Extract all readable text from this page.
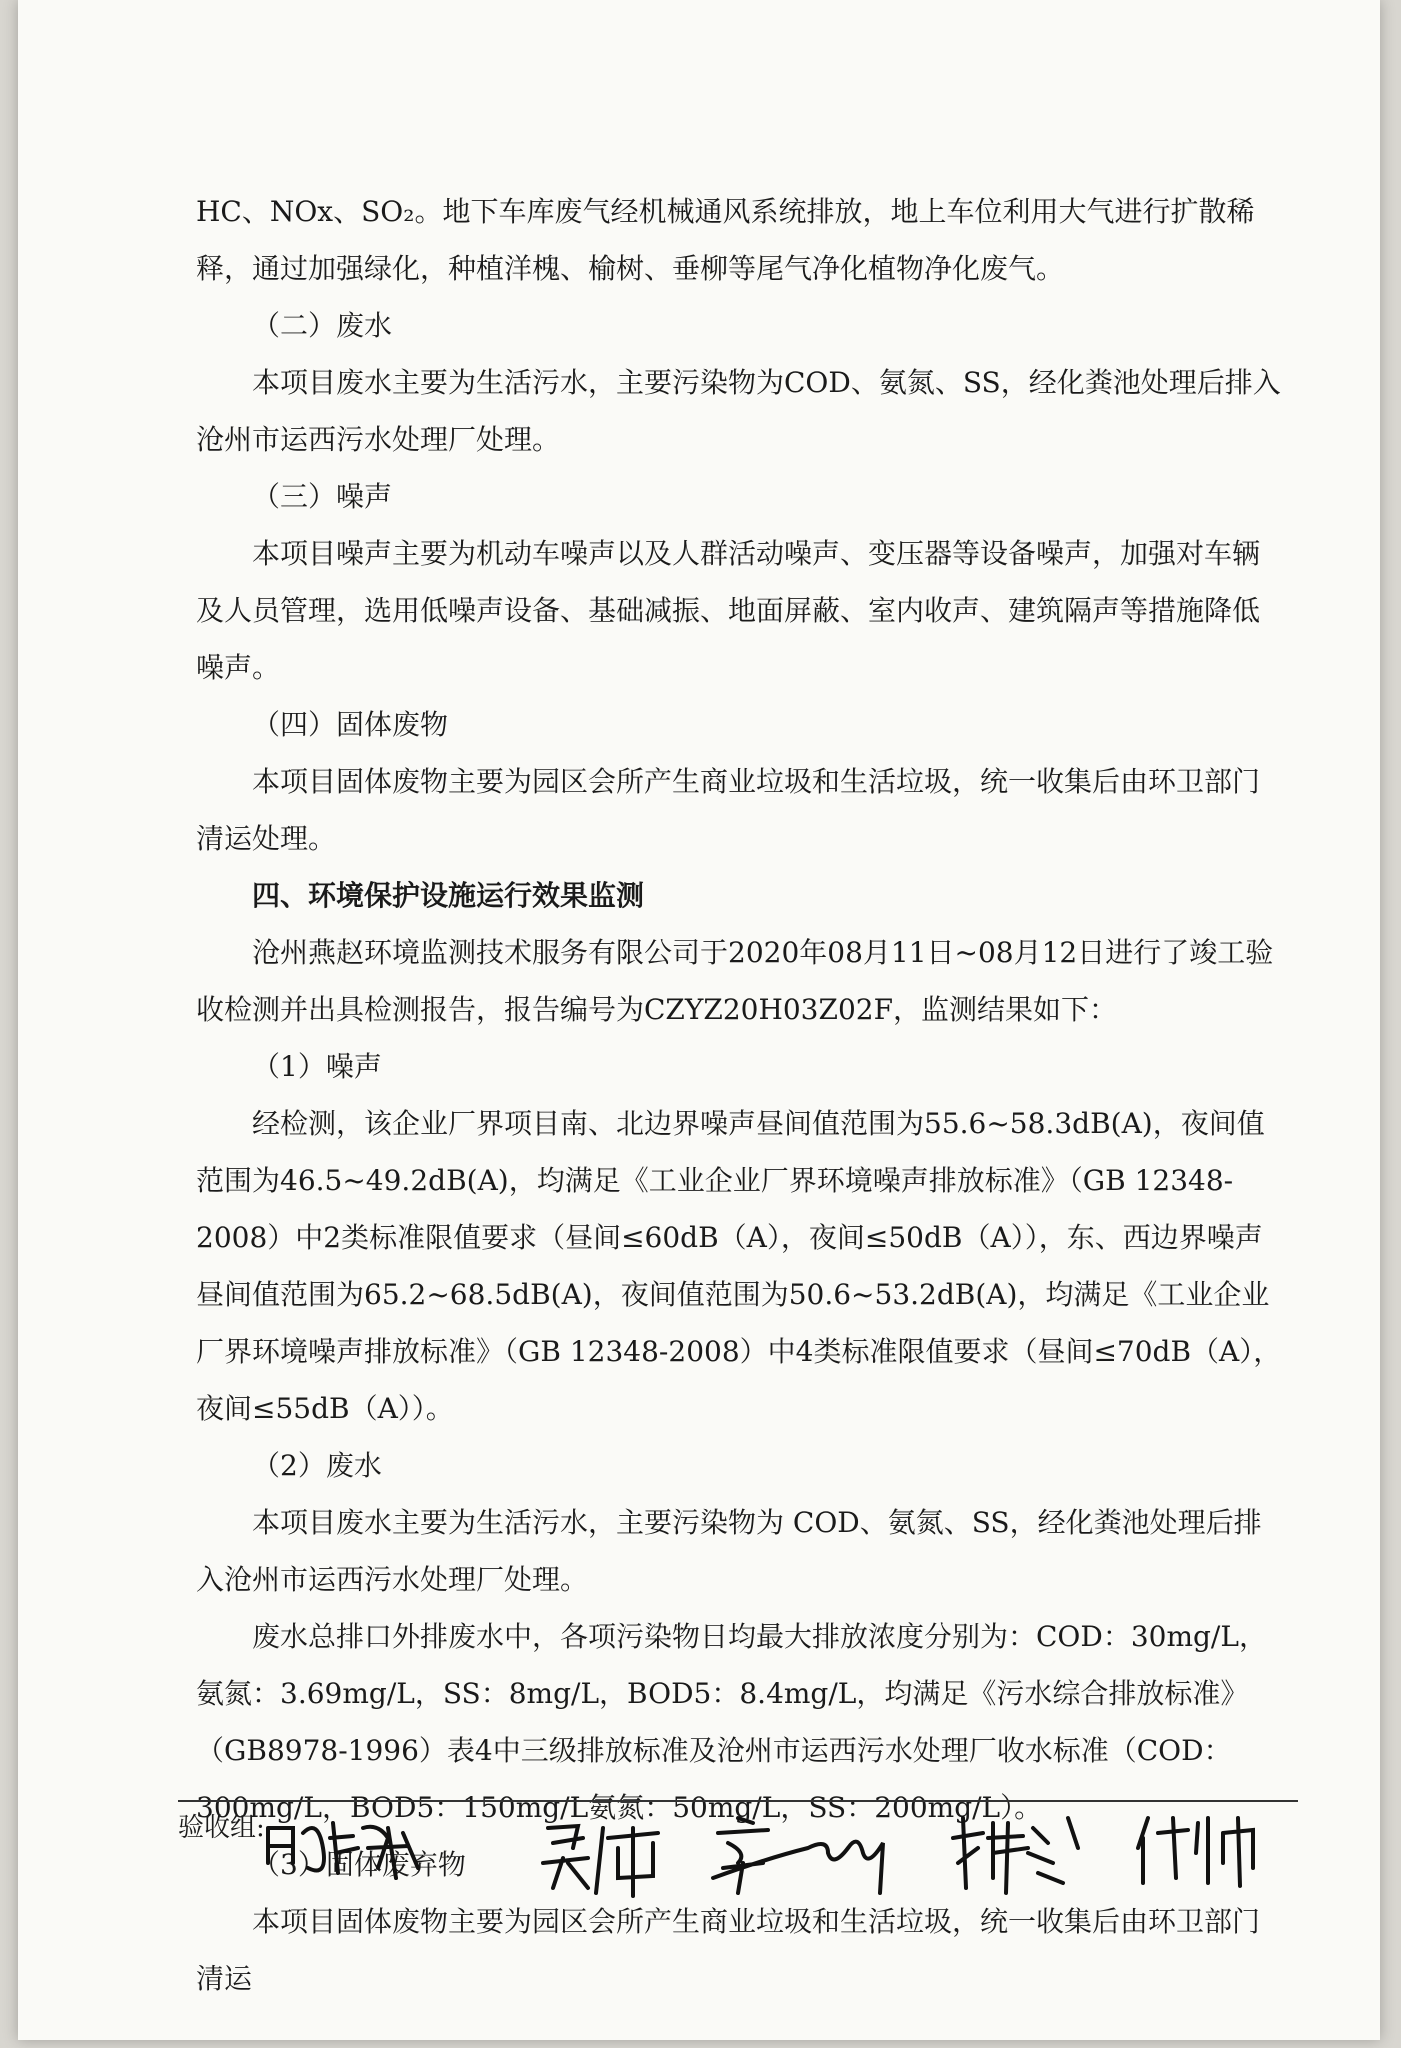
HC、NOx、SO₂。地下车库废气经机械通风系统排放，地上车位利用大气进行扩散稀释，通过加强绿化，种植洋槐、榆树、垂柳等尾气净化植物净化废气。

（二）废水

本项目废水主要为生活污水，主要污染物为COD、氨氮、SS，经化粪池处理后排入沧州市运西污水处理厂处理。

（三）噪声

本项目噪声主要为机动车噪声以及人群活动噪声、变压器等设备噪声，加强对车辆及人员管理，选用低噪声设备、基础减振、地面屏蔽、室内收声、建筑隔声等措施降低噪声。

（四）固体废物

本项目固体废物主要为园区会所产生商业垃圾和生活垃圾，统一收集后由环卫部门清运处理。

四、环境保护设施运行效果监测

沧州燕赵环境监测技术服务有限公司于2020年08月11日~08月12日进行了竣工验收检测并出具检测报告，报告编号为CZYZ20H03Z02F，监测结果如下：

（1）噪声

经检测，该企业厂界项目南、北边界噪声昼间值范围为55.6~58.3dB(A)，夜间值范围为46.5~49.2dB(A)，均满足《工业企业厂界环境噪声排放标准》（GB 12348-2008）中2类标准限值要求（昼间≤60dB（A），夜间≤50dB（A）），东、西边界噪声昼间值范围为65.2~68.5dB(A)，夜间值范围为50.6~53.2dB(A)，均满足《工业企业厂界环境噪声排放标准》（GB 12348-2008）中4类标准限值要求（昼间≤70dB（A），夜间≤55dB（A））。

（2）废水

本项目废水主要为生活污水，主要污染物为 COD、氨氮、SS，经化粪池处理后排入沧州市运西污水处理厂处理。

废水总排口外排废水中，各项污染物日均最大排放浓度分别为：COD：30mg/L，氨氮：3.69mg/L，SS：8mg/L，BOD5：8.4mg/L，均满足《污水综合排放标准》（GB8978-1996）表4中三级排放标准及沧州市运西污水处理厂收水标准（COD：300mg/L，BOD5：150mg/L氨氮：50mg/L，SS：200mg/L）。

（3）固体废弃物

本项目固体废物主要为园区会所产生商业垃圾和生活垃圾，统一收集后由环卫部门清运

验收组:
